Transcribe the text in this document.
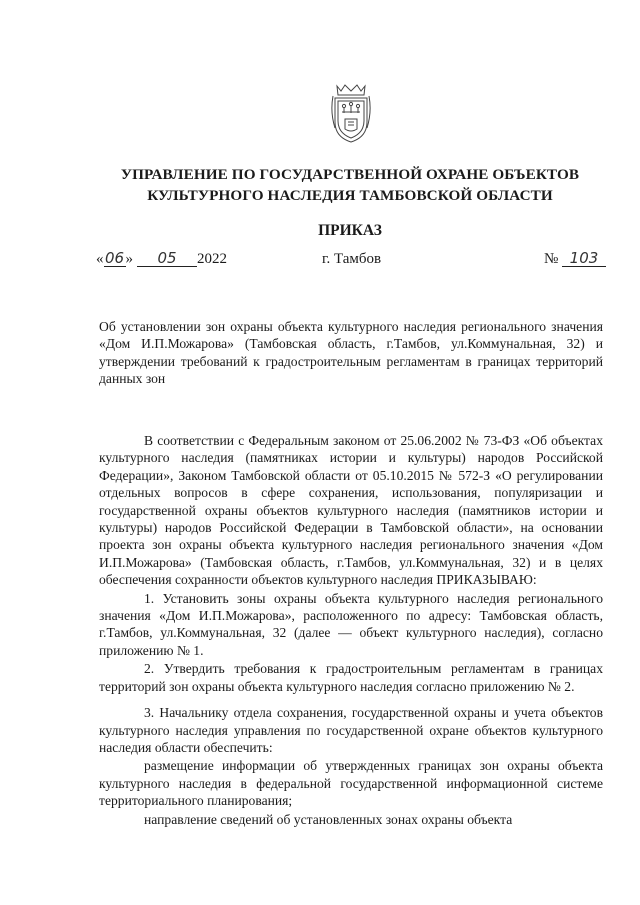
УПРАВЛЕНИЕ ПО ГОСУДАРСТВЕННОЙ ОХРАНЕ ОБЪЕКТОВ
КУЛЬТУРНОГО НАСЛЕДИЯ ТАМБОВСКОЙ ОБЛАСТИ
ПРИКАЗ
«06» 05 2022	г. Тамбов	№ 103
Об установлении зон охраны объекта культурного наследия регионального значения «Дом И.П.Можарова» (Тамбовская область, г.Тамбов, ул.Коммунальная, 32) и утверждении требований к градостроительным регламентам в границах территорий данных зон

В соответствии с Федеральным законом от 25.06.2002 № 73-ФЗ «Об объектах культурного наследия (памятниках истории и культуры) народов Российской Федерации», Законом Тамбовской области от 05.10.2015 № 572-З «О регулировании отдельных вопросов в сфере сохранения, использования, популяризации и государственной охраны объектов культурного наследия (памятников истории и культуры) народов Российской Федерации в Тамбовской области», на основании проекта зон охраны объекта культурного наследия регионального значения «Дом И.П.Можарова» (Тамбовская область, г.Тамбов, ул.Коммунальная, 32) и в целях обеспечения сохранности объектов культурного наследия ПРИКАЗЫВАЮ:

1. Установить зоны охраны объекта культурного наследия регионального значения «Дом И.П.Можарова», расположенного по адресу: Тамбовская область, г.Тамбов, ул.Коммунальная, 32 (далее — объект культурного наследия), согласно приложению № 1.

2. Утвердить требования к градостроительным регламентам в границах территорий зон охраны объекта культурного наследия согласно приложению № 2.

3. Начальнику отдела сохранения, государственной охраны и учета объектов культурного наследия управления по государственной охране объектов культурного наследия области обеспечить:

размещение информации об утвержденных границах зон охраны объекта культурного наследия в федеральной государственной информационной системе территориального планирования;

направление сведений об установленных зонах охраны объекта
